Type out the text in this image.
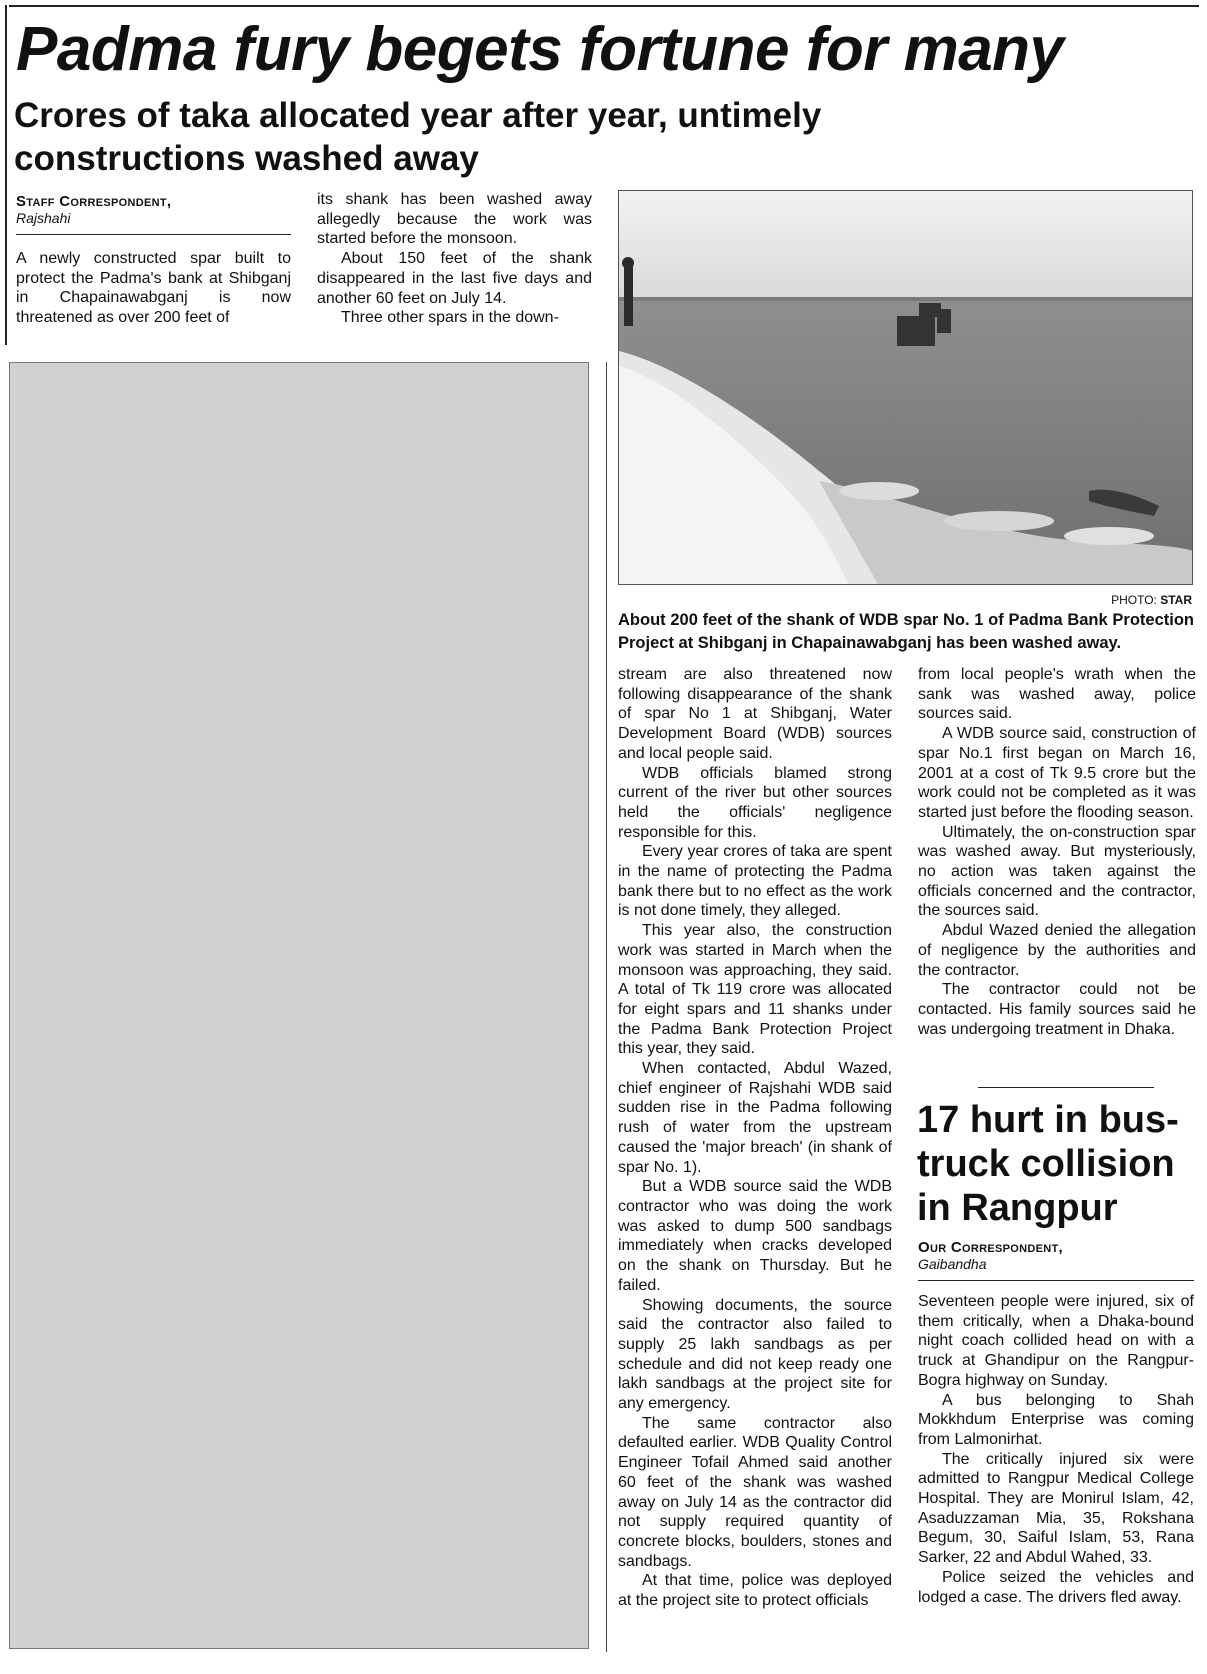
Padma fury begets fortune for many
Crores of taka allocated year after year, untimely constructions washed away
Staff Correspondent,
Rajshahi

A newly constructed spar built to protect the Padma's bank at Shibganj in Chapainawabganj is now threatened as over 200 feet of

its shank has been washed away allegedly because the work was started before the monsoon.

About 150 feet of the shank disappeared in the last five days and another 60 feet on July 14.

Three other spars in the down-

PHOTO: STAR
About 200 feet of the shank of WDB spar No. 1 of Padma Bank Protection Project at Shibganj in Chapainawabganj has been washed away.

stream are also threatened now following disappearance of the shank of spar No 1 at Shibganj, Water Development Board (WDB) sources and local people said.

WDB officials blamed strong current of the river but other sources held the officials' negligence responsible for this.

Every year crores of taka are spent in the name of protecting the Padma bank there but to no effect as the work is not done timely, they alleged.

This year also, the construction work was started in March when the monsoon was approaching, they said. A total of Tk 119 crore was allocated for eight spars and 11 shanks under the Padma Bank Protection Project this year, they said.

When contacted, Abdul Wazed, chief engineer of Rajshahi WDB said sudden rise in the Padma following rush of water from the upstream caused the 'major breach' (in shank of spar No. 1).

But a WDB source said the WDB contractor who was doing the work was asked to dump 500 sandbags immediately when cracks developed on the shank on Thursday. But he failed.

Showing documents, the source said the contractor also failed to supply 25 lakh sandbags as per schedule and did not keep ready one lakh sandbags at the project site for any emergency.

The same contractor also defaulted earlier. WDB Quality Control Engineer Tofail Ahmed said another 60 feet of the shank was washed away on July 14 as the contractor did not supply required quantity of concrete blocks, boulders, stones and sandbags.

At that time, police was deployed at the project site to protect officials

from local people's wrath when the sank was washed away, police sources said.

A WDB source said, construction of spar No.1 first began on March 16, 2001 at a cost of Tk 9.5 crore but the work could not be completed as it was started just before the flooding season.

Ultimately, the on-construction spar was washed away. But mysteriously, no action was taken against the officials concerned and the contractor, the sources said.

Abdul Wazed denied the allegation of negligence by the authorities and the contractor.

The contractor could not be contacted. His family sources said he was undergoing treatment in Dhaka.

17 hurt in bus-truck collision in Rangpur
Our Correspondent,
Gaibandha

Seventeen people were injured, six of them critically, when a Dhaka-bound night coach collided head on with a truck at Ghandipur on the Rangpur-Bogra highway on Sunday.

A bus belonging to Shah Mokkhdum Enterprise was coming from Lalmonirhat.

The critically injured six were admitted to Rangpur Medical College Hospital. They are Monirul Islam, 42, Asaduzzaman Mia, 35, Rokshana Begum, 30, Saiful Islam, 53, Rana Sarker, 22 and Abdul Wahed, 33.

Police seized the vehicles and lodged a case. The drivers fled away.
